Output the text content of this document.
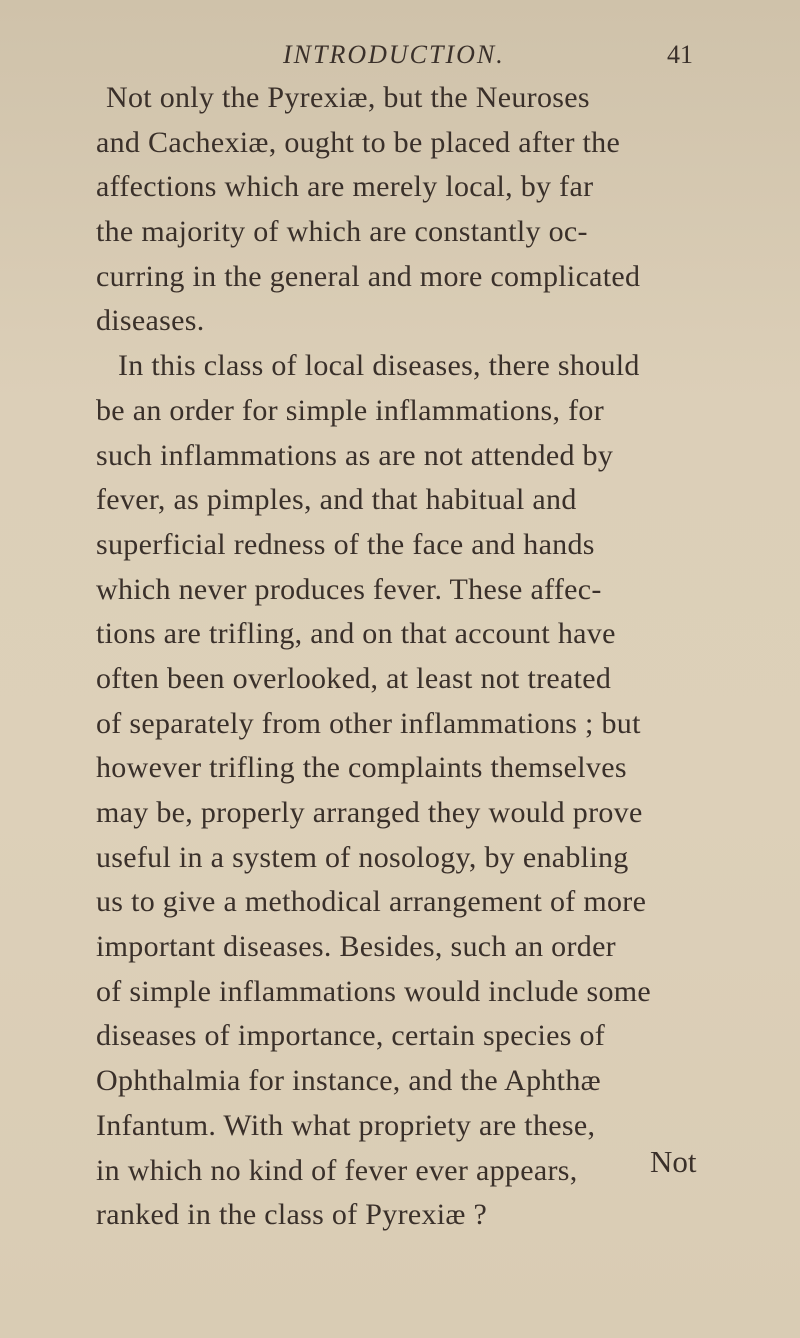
INTRODUCTION.	41
Not only the Pyrexiæ, but the Neuroses
and Cachexiæ, ought to be placed after the
affections which are merely local, by far
the majority of which are constantly oc-
curring in the general and more complicated
diseases.
In this class of local diseases, there should
be an order for simple inflammations, for
such inflammations as are not attended by
fever, as pimples, and that habitual and
superficial redness of the face and hands
which never produces fever. These affec-
tions are trifling, and on that account have
often been overlooked, at least not treated
of separately from other inflammations ; but
however trifling the complaints themselves
may be, properly arranged they would prove
useful in a system of nosology, by enabling
us to give a methodical arrangement of more
important diseases. Besides, such an order
of simple inflammations would include some
diseases of importance, certain species of
Ophthalmia for instance, and the Aphthæ
Infantum. With what propriety are these,
in which no kind of fever ever appears,
ranked in the class of Pyrexiæ ?
Not
